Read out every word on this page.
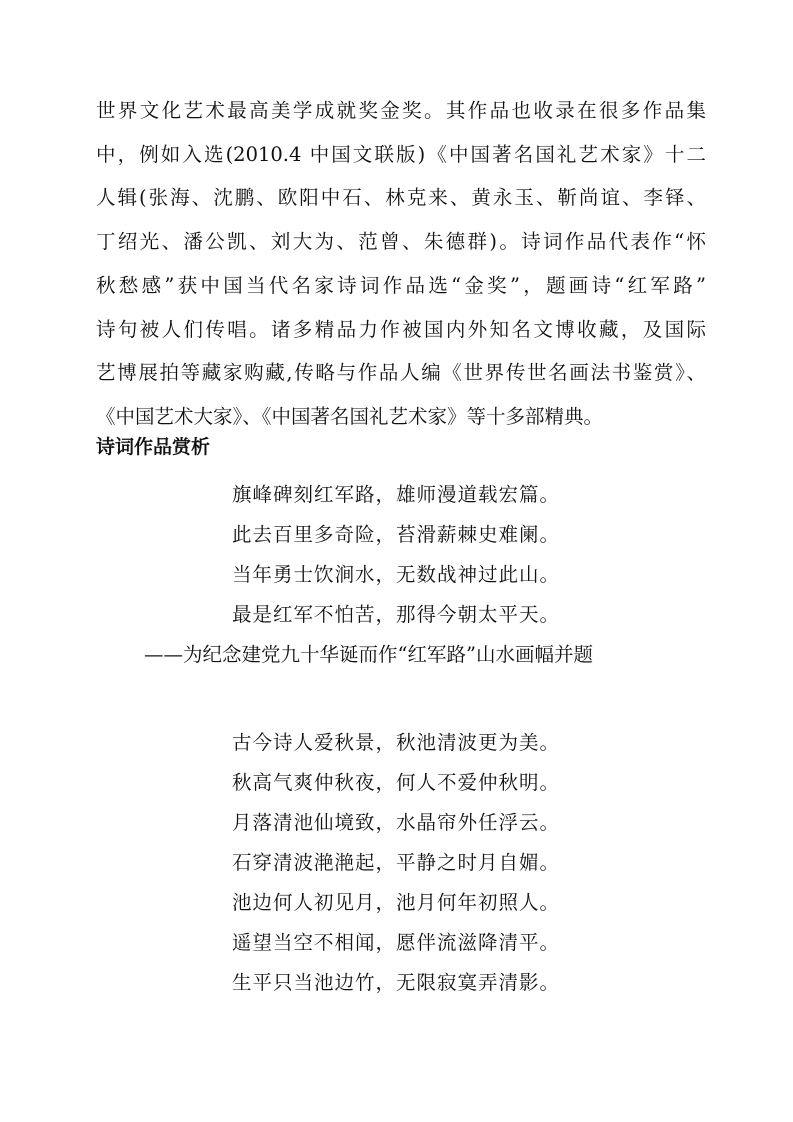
世界文化艺术最高美学成就奖金奖。其作品也收录在很多作品集
中，例如入选(2010.4 中国文联版)《中国著名国礼艺术家》十二
人辑(张海、沈鹏、欧阳中石、林克来、黄永玉、靳尚谊、李铎、
丁绍光、潘公凯、刘大为、范曾、朱德群)。诗词作品代表作“怀
秋愁感”获中国当代名家诗词作品选“金奖”，题画诗“红军路”
诗句被人们传唱。诸多精品力作被国内外知名文博收藏，及国际
艺博展拍等藏家购藏,传略与作品人编《世界传世名画法书鉴赏》、
诗词作品赏析
旗峰碑刻红军路，雄师漫道载宏篇。
此去百里多奇险，苔滑薪棘史难阑。
当年勇士饮涧水，无数战神过此山。
最是红军不怕苦，那得今朝太平天。
——为纪念建党九十华诞而作“红军路”山水画幅并题
古今诗人爱秋景，秋池清波更为美。
秋高气爽仲秋夜，何人不爱仲秋明。
月落清池仙境致，水晶帘外任浮云。
石穿清波滟滟起，平静之时月自媚。
池边何人初见月，池月何年初照人。
遥望当空不相闻，愿伴流滋降清平。
生平只当池边竹，无限寂寞弄清影。
《中国艺术大家》、《中国著名国礼艺术家》等十多部精典。
